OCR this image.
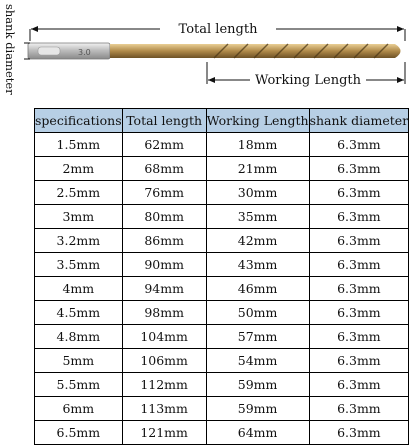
Total length
3.0
Working Length
shank diameter
specifications	Total length	Working Length	shank diameter
1.5mm	62mm	18mm	6.3mm
2mm	68mm	21mm	6.3mm
2.5mm	76mm	30mm	6.3mm
3mm	80mm	35mm	6.3mm
3.2mm	86mm	42mm	6.3mm
3.5mm	90mm	43mm	6.3mm
4mm	94mm	46mm	6.3mm
4.5mm	98mm	50mm	6.3mm
4.8mm	104mm	57mm	6.3mm
5mm	106mm	54mm	6.3mm
5.5mm	112mm	59mm	6.3mm
6mm	113mm	59mm	6.3mm
6.5mm	121mm	64mm	6.3mm
